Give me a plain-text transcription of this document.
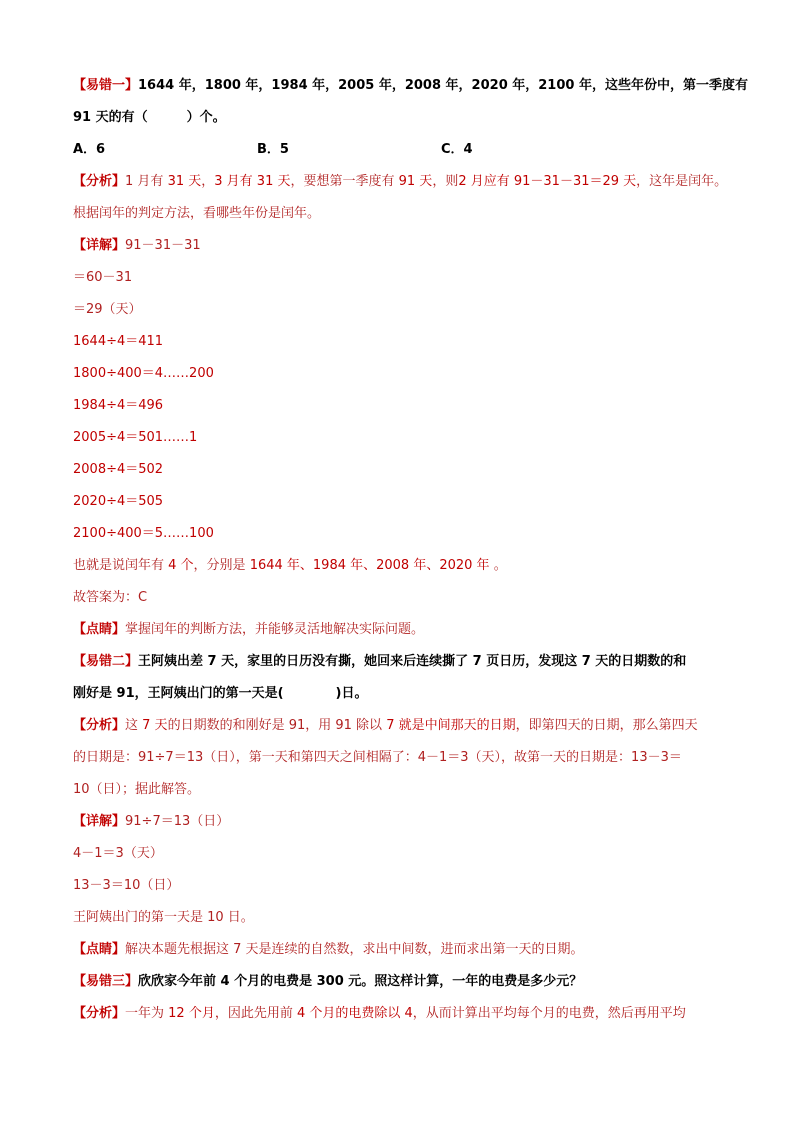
【易错一】1644 年，1800 年，1984 年，2005 年，2008 年，2020 年，2100 年，这些年份中，第一季度有
91 天的有（　　　）个。
A．6	B．5	C．4
【分析】1 月有 31 天，3 月有 31 天，要想第一季度有 91 天，则2 月应有 91－31－31＝29 天，这年是闰年。
根据闰年的判定方法，看哪些年份是闰年。
【详解】91－31－31
＝60－31
＝29（天）
1644÷4＝411
1800÷400＝4……200
1984÷4＝496
2005÷4＝501……1
2008÷4＝502
2020÷4＝505
2100÷400＝5……100
也就是说闰年有 4 个，分别是 1644 年、1984 年、2008 年、2020 年 。
故答案为：C
【点睛】掌握闰年的判断方法，并能够灵活地解决实际问题。
【易错二】王阿姨出差 7 天，家里的日历没有撕，她回来后连续撕了 7 页日历，发现这 7 天的日期数的和
刚好是 91，王阿姨出门的第一天是(　　　　)日。
【分析】这 7 天的日期数的和刚好是 91，用 91 除以 7 就是中间那天的日期，即第四天的日期，那么第四天
的日期是：91÷7＝13（日），第一天和第四天之间相隔了：4－1＝3（天），故第一天的日期是：13－3＝
10（日）；据此解答。
【详解】91÷7＝13（日）
4－1＝3（天）
13－3＝10（日）
王阿姨出门的第一天是 10 日。
【点睛】解决本题先根据这 7 天是连续的自然数，求出中间数，进而求出第一天的日期。
【易错三】欣欣家今年前 4 个月的电费是 300 元。照这样计算，一年的电费是多少元？
【分析】一年为 12 个月，因此先用前 4 个月的电费除以 4，从而计算出平均每个月的电费，然后再用平均
